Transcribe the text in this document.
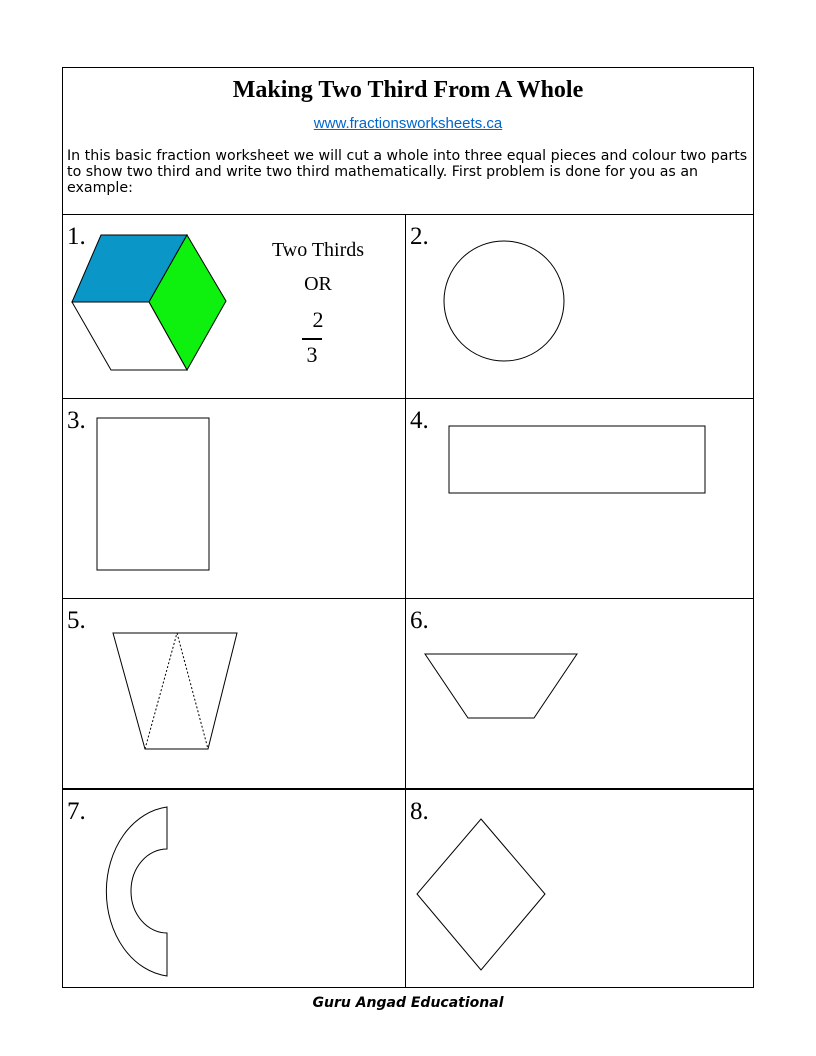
Making Two Third From A Whole
www.fractionsworksheets.ca
In this basic fraction worksheet we will cut a whole into three equal pieces and colour two parts to show two third and write two third mathematically. First problem is done for you as an example:
1.	Two Thirds
OR
2
3
2.
3.	4.
5.	6.
7.	8.
Guru Angad Educational
